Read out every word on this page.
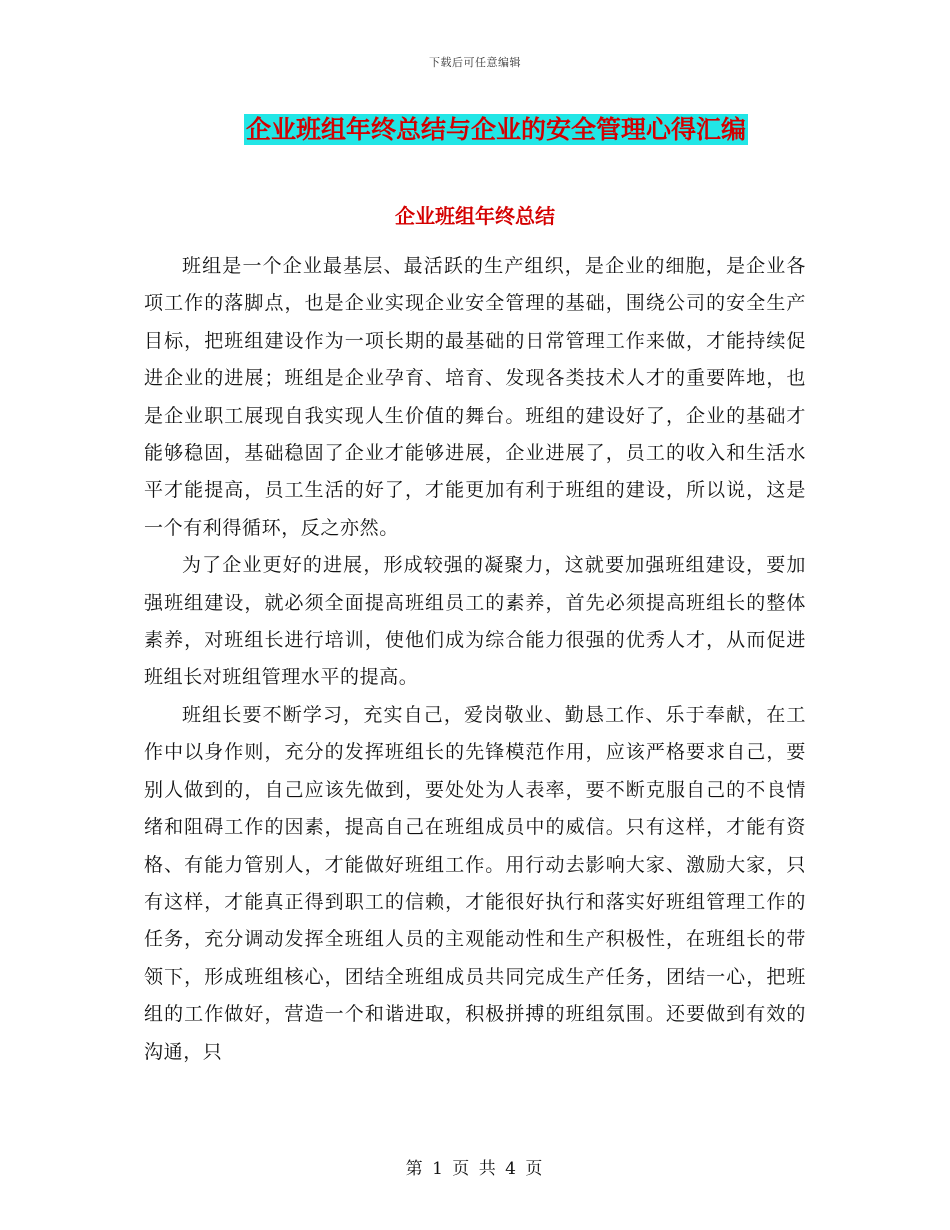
下载后可任意编辑
企业班组年终总结与企业的安全管理心得汇编
企业班组年终总结

班组是一个企业最基层、最活跃的生产组织，是企业的细胞，是企业各项工作的落脚点，也是企业实现企业安全管理的基础，围绕公司的安全生产目标，把班组建设作为一项长期的最基础的日常管理工作来做，才能持续促进企业的进展；班组是企业孕育、培育、发现各类技术人才的重要阵地，也是企业职工展现自我实现人生价值的舞台。班组的建设好了，企业的基础才能够稳固，基础稳固了企业才能够进展，企业进展了，员工的收入和生活水平才能提高，员工生活的好了，才能更加有利于班组的建设，所以说，这是一个有利得循环，反之亦然。

为了企业更好的进展，形成较强的凝聚力，这就要加强班组建设，要加强班组建设，就必须全面提高班组员工的素养，首先必须提高班组长的整体素养，对班组长进行培训，使他们成为综合能力很强的优秀人才，从而促进班组长对班组管理水平的提高。

班组长要不断学习，充实自己，爱岗敬业、勤恳工作、乐于奉献，在工作中以身作则，充分的发挥班组长的先锋模范作用，应该严格要求自己，要别人做到的，自己应该先做到，要处处为人表率，要不断克服自己的不良情绪和阻碍工作的因素，提高自己在班组成员中的威信。只有这样，才能有资格、有能力管别人，才能做好班组工作。用行动去影响大家、激励大家，只有这样，才能真正得到职工的信赖，才能很好执行和落实好班组管理工作的任务，充分调动发挥全班组人员的主观能动性和生产积极性，在班组长的带领下，形成班组核心，团结全班组成员共同完成生产任务，团结一心，把班组的工作做好，营造一个和谐进取，积极拼搏的班组氛围。还要做到有效的沟通，只

第 1 页 共 4 页
